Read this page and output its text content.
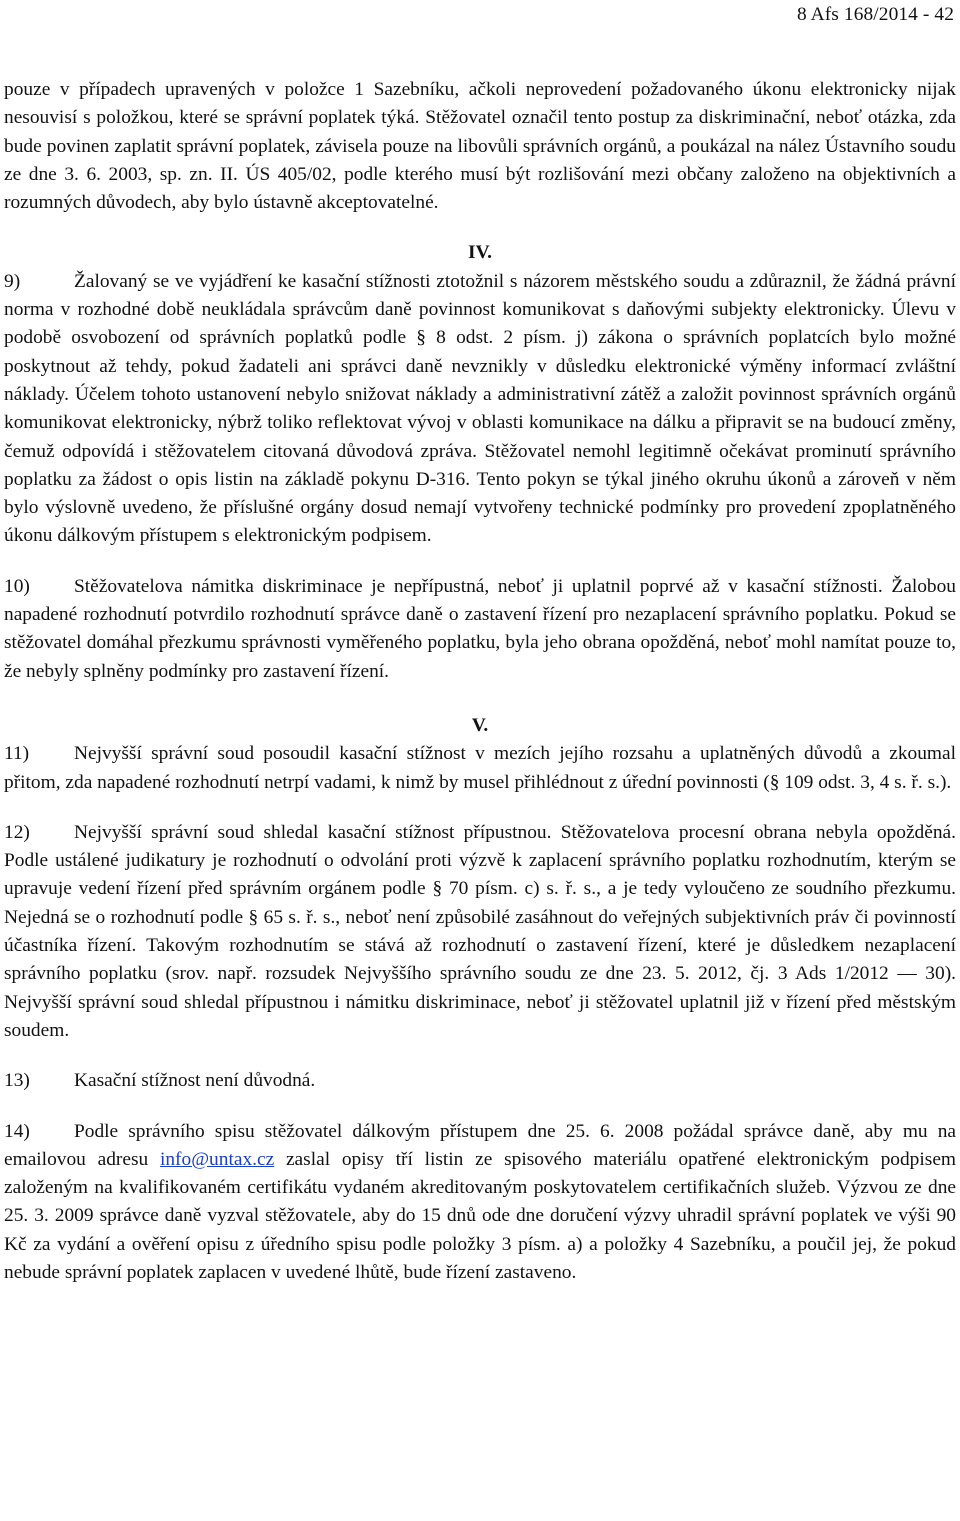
8 Afs 168/2014 - 42

pouze v případech upravených v položce 1 Sazebníku, ačkoli neprovedení požadovaného úkonu elektronicky nijak nesouvisí s položkou, které se správní poplatek týká. Stěžovatel označil tento postup za diskriminační, neboť otázka, zda bude povinen zaplatit správní poplatek, závisela pouze na libovůli správních orgánů, a poukázal na nález Ústavního soudu ze dne 3. 6. 2003, sp. zn. II. ÚS 405/02, podle kterého musí být rozlišování mezi občany založeno na objektivních a rozumných důvodech, aby bylo ústavně akceptovatelné.

IV.

9)	Žalovaný se ve vyjádření ke kasační stížnosti ztotožnil s názorem městského soudu a zdůraznil, že žádná právní norma v rozhodné době neukládala správcům daně povinnost komunikovat s daňovými subjekty elektronicky. Úlevu v podobě osvobození od správních poplatků podle § 8 odst. 2 písm. j) zákona o správních poplatcích bylo možné poskytnout až tehdy, pokud žadateli ani správci daně nevznikly v důsledku elektronické výměny informací zvláštní náklady. Účelem tohoto ustanovení nebylo snižovat náklady a administrativní zátěž a založit povinnost správních orgánů komunikovat elektronicky, nýbrž toliko reflektovat vývoj v oblasti komunikace na dálku a připravit se na budoucí změny, čemuž odpovídá i stěžovatelem citovaná důvodová zpráva. Stěžovatel nemohl legitimně očekávat prominutí správního poplatku za žádost o opis listin na základě pokynu D-316. Tento pokyn se týkal jiného okruhu úkonů a zároveň v něm bylo výslovně uvedeno, že příslušné orgány dosud nemají vytvořeny technické podmínky pro provedení zpoplatněného úkonu dálkovým přístupem s elektronickým podpisem.

10) Stěžovatelova námitka diskriminace je nepřípustná, neboť ji uplatnil poprvé až v kasační stížnosti. Žalobou napadené rozhodnutí potvrdilo rozhodnutí správce daně o zastavení řízení pro nezaplacení správního poplatku. Pokud se stěžovatel domáhal přezkumu správnosti vyměřeného poplatku, byla jeho obrana opožděná, neboť mohl namítat pouze to, že nebyly splněny podmínky pro zastavení řízení.

V.

11) Nejvyšší správní soud posoudil kasační stížnost v mezích jejího rozsahu a uplatněných důvodů a zkoumal přitom, zda napadené rozhodnutí netrpí vadami, k nimž by musel přihlédnout z úřední povinnosti (§ 109 odst. 3, 4 s. ř. s.).

12) Nejvyšší správní soud shledal kasační stížnost přípustnou. Stěžovatelova procesní obrana nebyla opožděná. Podle ustálené judikatury je rozhodnutí o odvolání proti výzvě k zaplacení správního poplatku rozhodnutím, kterým se upravuje vedení řízení před správním orgánem podle § 70 písm. c) s. ř. s., a je tedy vyloučeno ze soudního přezkumu. Nejedná se o rozhodnutí podle § 65 s. ř. s., neboť není způsobilé zasáhnout do veřejných subjektivních práv či povinností účastníka řízení. Takovým rozhodnutím se stává až rozhodnutí o zastavení řízení, které je důsledkem nezaplacení správního poplatku (srov. např. rozsudek Nejvyššího správního soudu ze dne 23. 5. 2012, čj. 3 Ads 1/2012 — 30). Nejvyšší správní soud shledal přípustnou i námitku diskriminace, neboť ji stěžovatel uplatnil již v řízení před městským soudem.

13) Kasační stížnost není důvodná.

14) Podle správního spisu stěžovatel dálkovým přístupem dne 25. 6. 2008 požádal správce daně, aby mu na emailovou adresu info@untax.cz zaslal opisy tří listin ze spisového materiálu opatřené elektronickým podpisem založeným na kvalifikovaném certifikátu vydaném akreditovaným poskytovatelem certifikačních služeb. Výzvou ze dne 25. 3. 2009 správce daně vyzval stěžovatele, aby do 15 dnů ode dne doručení výzvy uhradil správní poplatek ve výši 90 Kč za vydání a ověření opisu z úředního spisu podle položky 3 písm. a) a položky 4 Sazebníku, a poučil jej, že pokud nebude správní poplatek zaplacen v uvedené lhůtě, bude řízení zastaveno.
